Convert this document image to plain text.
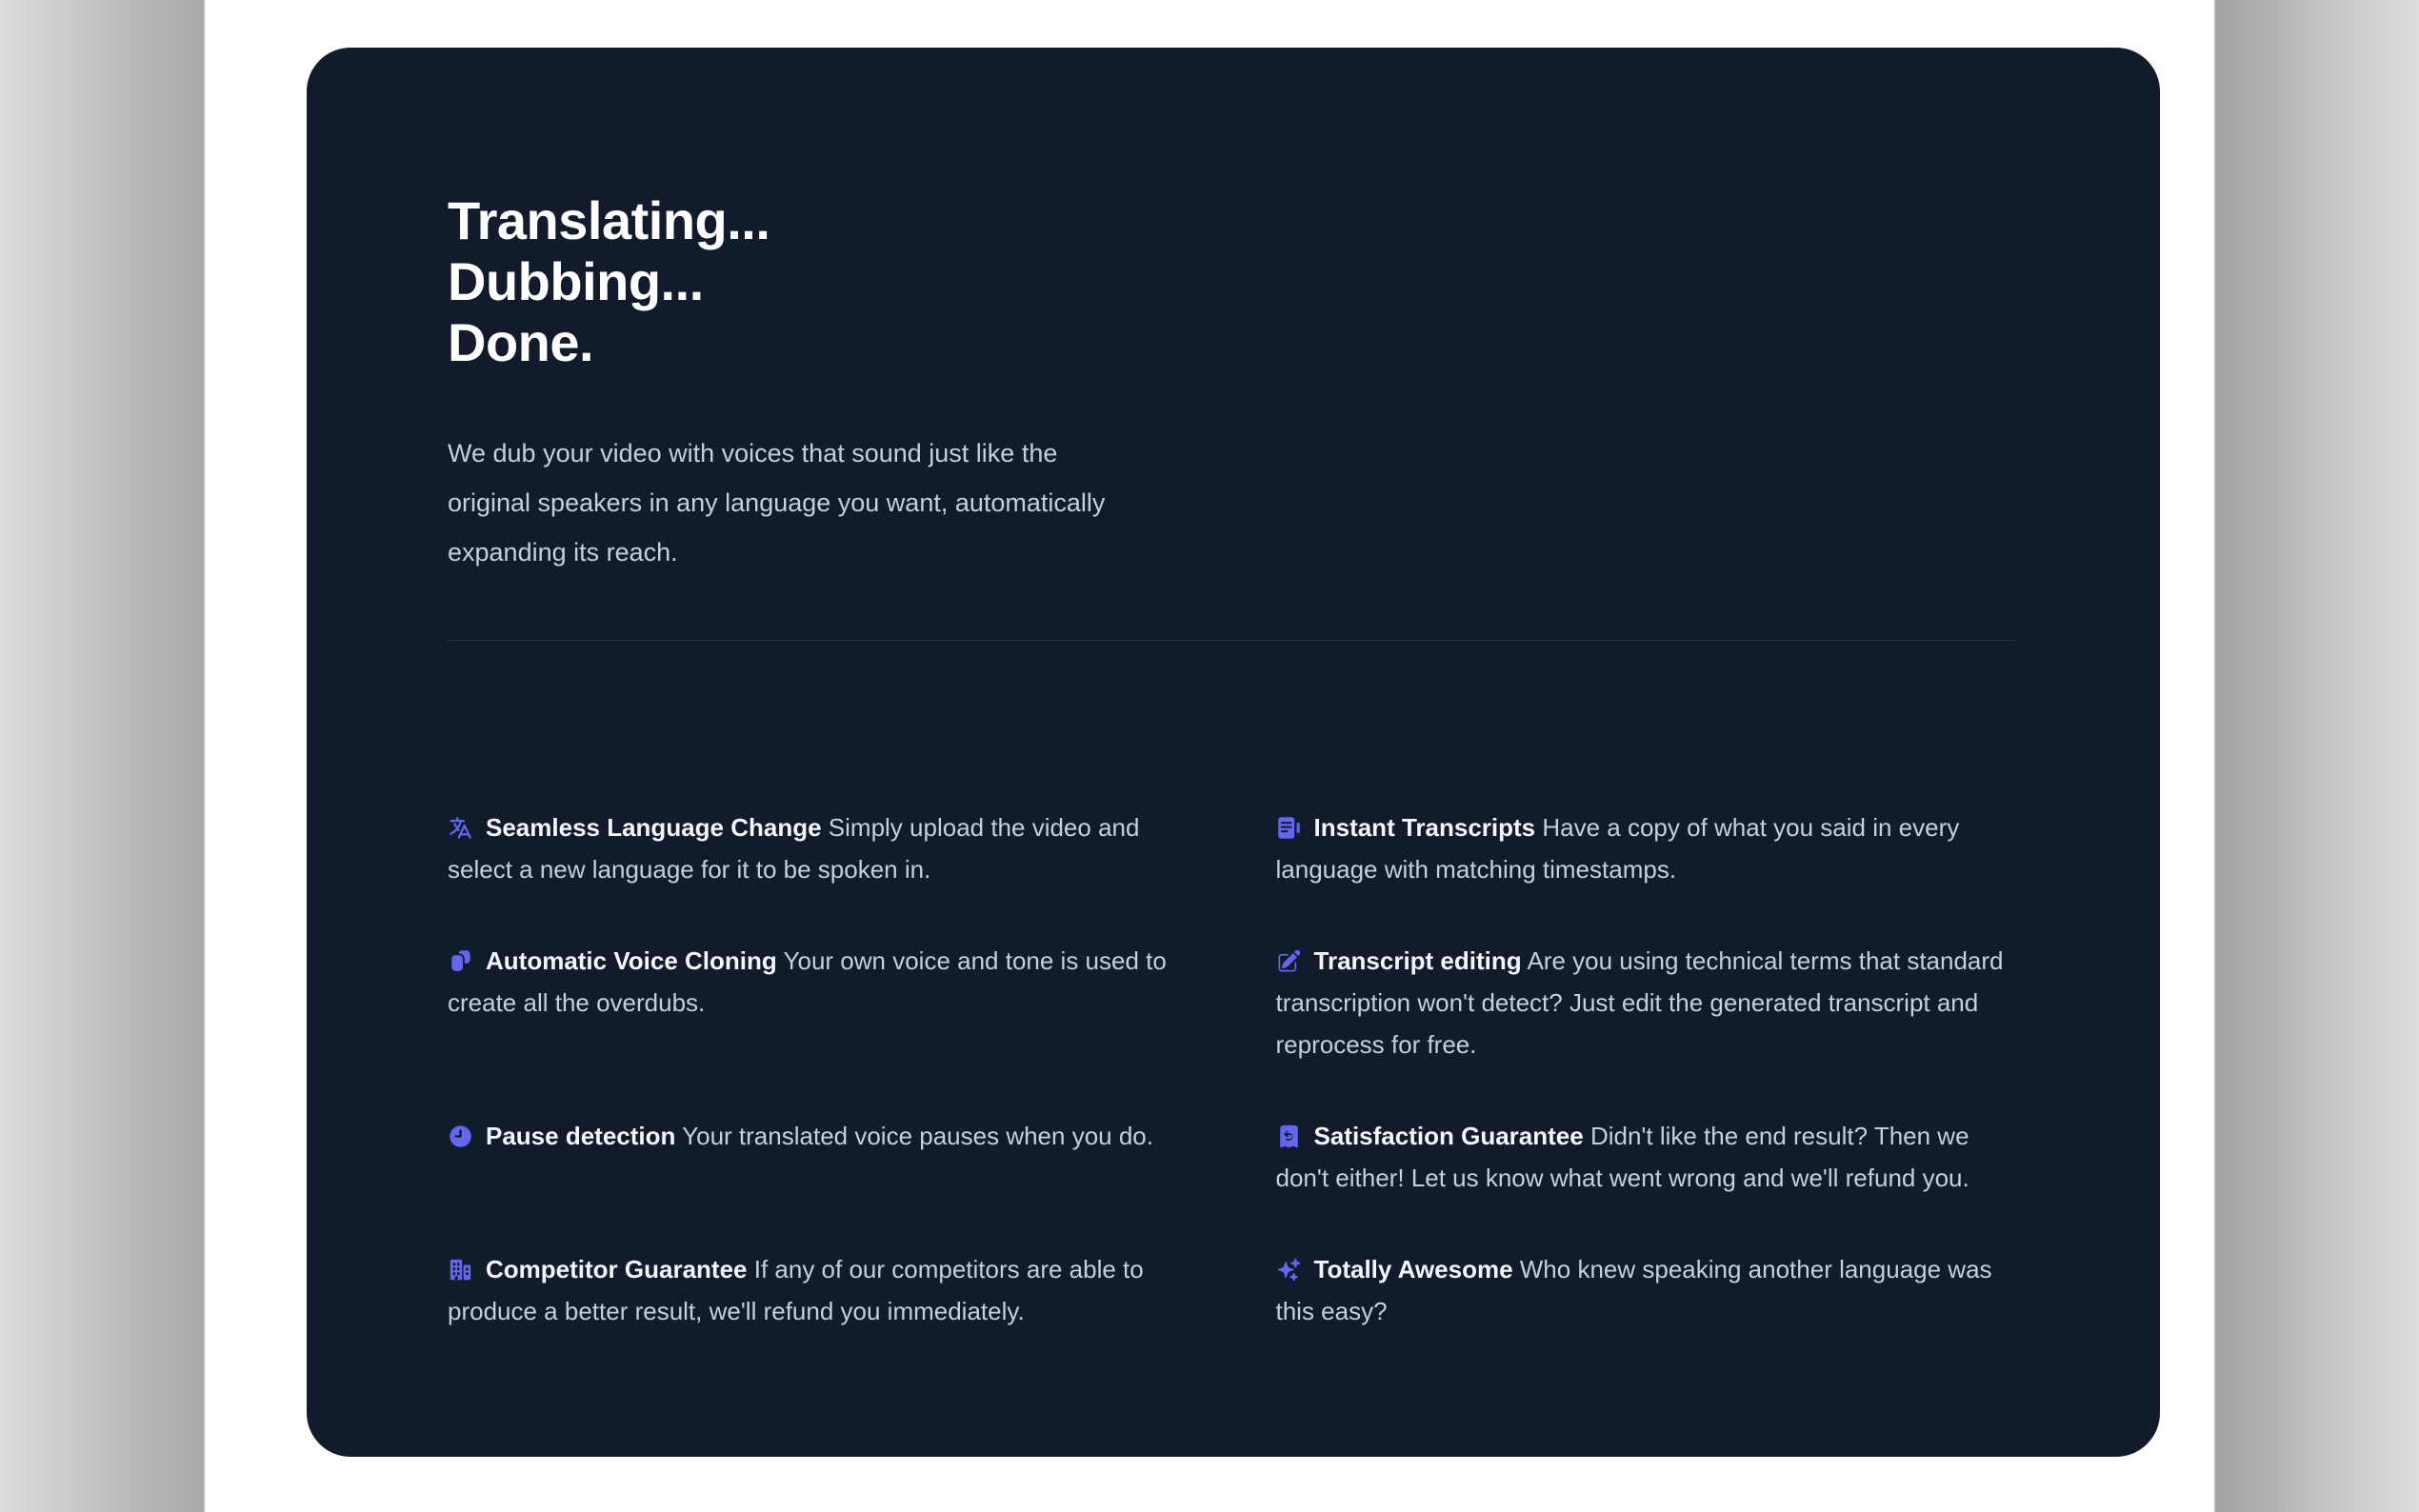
Translating...
Dubbing...
Done.

We dub your video with voices that sound just like the original speakers in any language you want, automatically expanding its reach.

Seamless Language Change Simply upload the video and select a new language for it to be spoken in.

Instant Transcripts Have a copy of what you said in every language with matching timestamps.

Automatic Voice Cloning Your own voice and tone is used to create all the overdubs.

Transcript editing Are you using technical terms that standard transcription won't detect? Just edit the generated transcript and reprocess for free.

Pause detection Your translated voice pauses when you do.	Satisfaction Guarantee Didn't like the end result? Then we don't either! Let us know what went wrong and we'll refund you.

Competitor Guarantee If any of our competitors are able to produce a better result, we'll refund you immediately.

Totally Awesome Who knew speaking another language was this easy?
